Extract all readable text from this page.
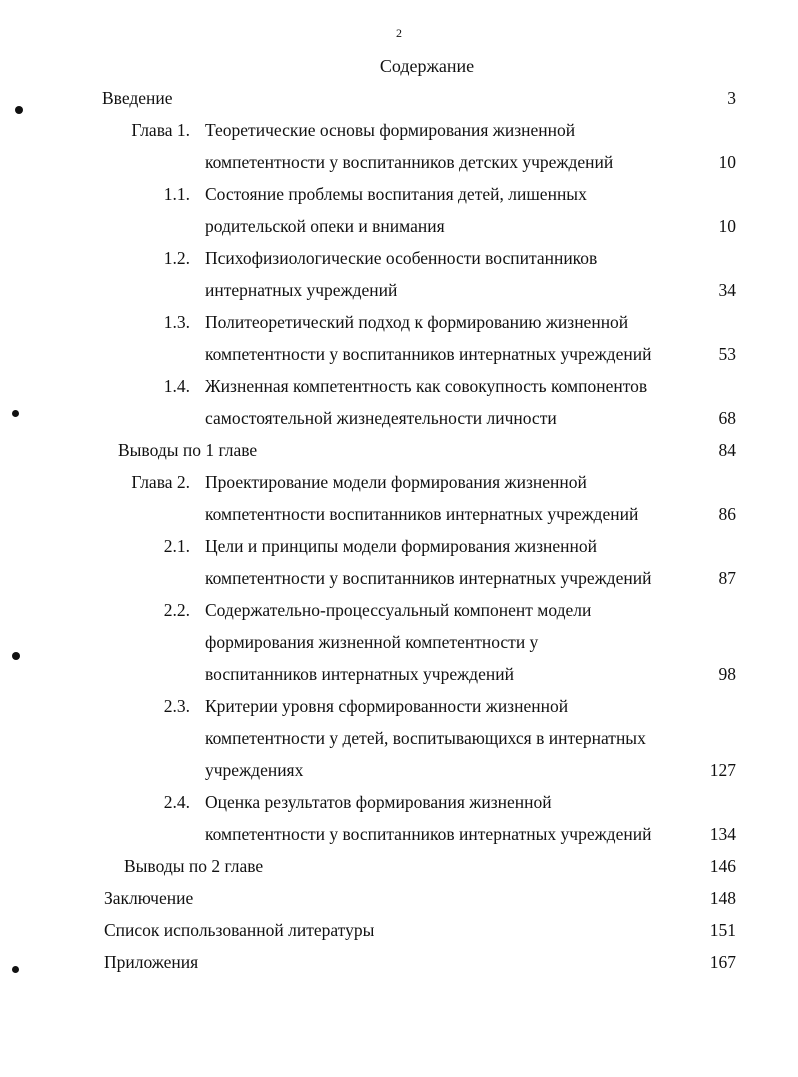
2
Содержание
Введение	3
Глава 1. Теоретические основы формирования жизненной
компетентности у воспитанников детских учреждений	10
1.1. Состояние проблемы воспитания детей, лишенных
родительской опеки и внимания	10
1.2. Психофизиологические особенности воспитанников
интернатных учреждений	34
1.3. Политеоретический подход к формированию жизненной
компетентности у воспитанников интернатных учреждений	53
1.4. Жизненная компетентность как совокупность компонентов
самостоятельной жизнедеятельности личности	68
Выводы по 1 главе	84
Глава 2. Проектирование модели формирования жизненной
компетентности воспитанников интернатных учреждений	86
2.1. Цели и принципы модели формирования жизненной
компетентности у воспитанников интернатных учреждений	87
2.2. Содержательно-процессуальный компонент модели
формирования жизненной компетентности у
воспитанников интернатных учреждений	98
2.3. Критерии уровня сформированности жизненной
компетентности у детей, воспитывающихся в интернатных
учреждениях	127
2.4. Оценка результатов формирования жизненной
компетентности у воспитанников интернатных учреждений	134
Выводы по 2 главе	146
Заключение	148
Список использованной литературы	151
Приложения	167
